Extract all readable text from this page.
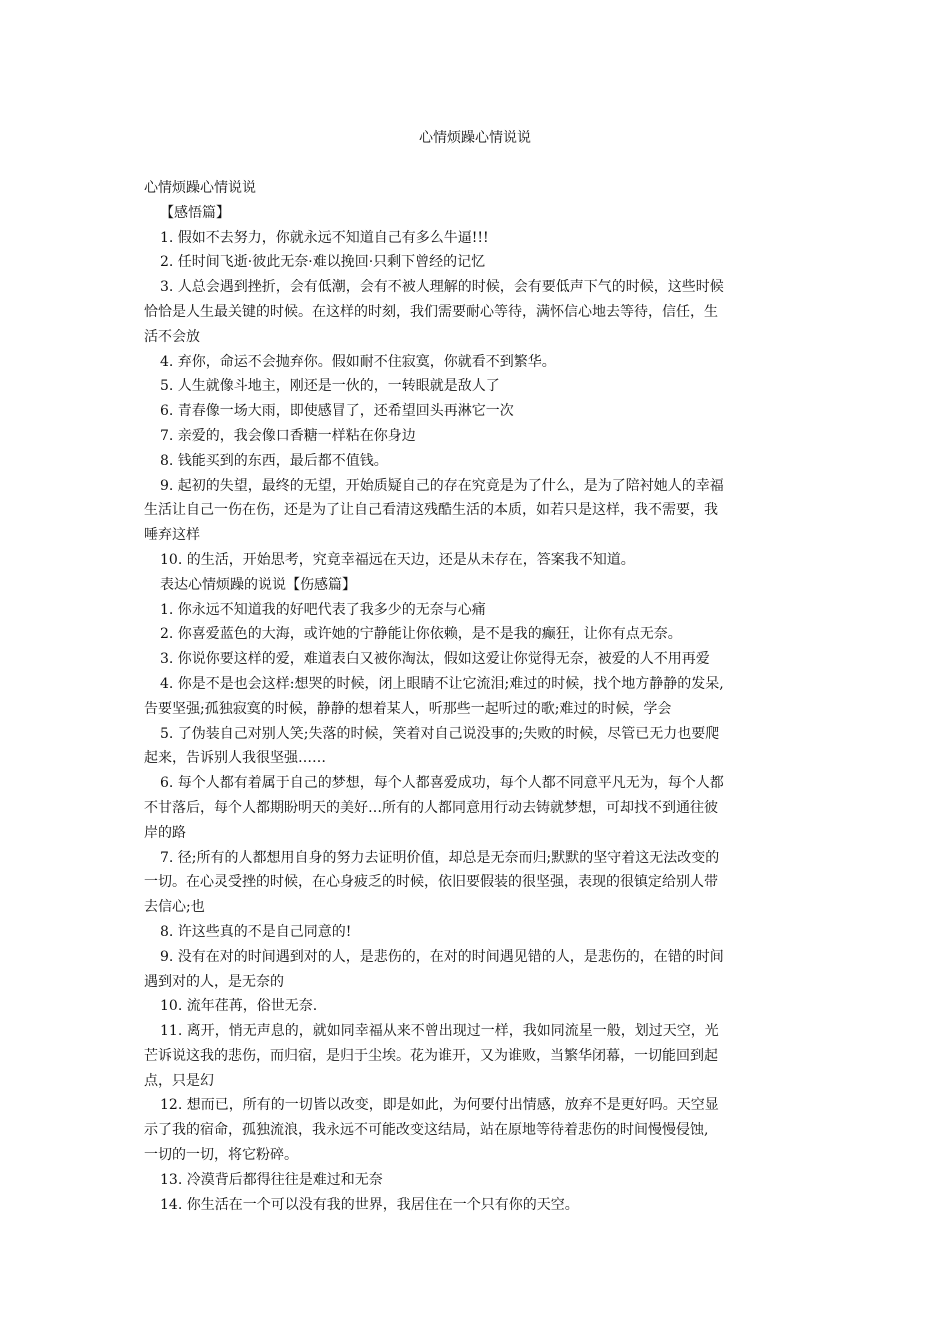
心情烦躁心情说说
心情烦躁心情说说
【感悟篇】
1. 假如不去努力，你就永远不知道自己有多么牛逼!!!
2. 任时间飞逝·彼此无奈·难以挽回·只剩下曾经的记忆
3. 人总会遇到挫折，会有低潮，会有不被人理解的时候，会有要低声下气的时候，这些时候
恰恰是人生最关键的时候。在这样的时刻，我们需要耐心等待，满怀信心地去等待，信任，生
活不会放
4. 弃你，命运不会抛弃你。假如耐不住寂寞，你就看不到繁华。
5. 人生就像斗地主，刚还是一伙的，一转眼就是敌人了
6. 青春像一场大雨，即使感冒了，还希望回头再淋它一次
7. 亲爱的，我会像口香糖一样粘在你身边
8. 钱能买到的东西，最后都不值钱。
9. 起初的失望，最终的无望，开始质疑自己的存在究竟是为了什么，是为了陪衬她人的幸福
生活让自己一伤在伤，还是为了让自己看清这残酷生活的本质，如若只是这样，我不需要，我
唾弃这样
10. 的生活，开始思考，究竟幸福远在天边，还是从未存在，答案我不知道。
表达心情烦躁的说说【伤感篇】
1. 你永远不知道我的好吧代表了我多少的无奈与心痛
2. 你喜爱蓝色的大海，或许她的宁静能让你依赖，是不是我的癫狂，让你有点无奈。
3. 你说你要这样的爱，难道表白又被你淘汰，假如这爱让你觉得无奈，被爱的人不用再爱
4. 你是不是也会这样:想哭的时候，闭上眼睛不让它流泪;难过的时候，找个地方静静的发呆,
告要坚强;孤独寂寞的时候，静静的想着某人，听那些一起听过的歌;难过的时候，学会
5. 了伪装自己对别人笑;失落的时候，笑着对自己说没事的;失败的时候，尽管已无力也要爬
起来，告诉别人我很坚强……
6. 每个人都有着属于自己的梦想，每个人都喜爱成功，每个人都不同意平凡无为，每个人都
不甘落后，每个人都期盼明天的美好…所有的人都同意用行动去铸就梦想，可却找不到通往彼
岸的路
7. 径;所有的人都想用自身的努力去证明价值，却总是无奈而归;默默的坚守着这无法改变的
一切。在心灵受挫的时候，在心身疲乏的时候，依旧要假装的很坚强，表现的很镇定给别人带
去信心;也
8. 许这些真的不是自己同意的!
9. 没有在对的时间遇到对的人，是悲伤的，在对的时间遇见错的人，是悲伤的，在错的时间
遇到对的人，是无奈的
10. 流年荏苒，俗世无奈.
11. 离开，悄无声息的，就如同幸福从来不曾出现过一样，我如同流星一般，划过天空，光
芒诉说这我的悲伤，而归宿，是归于尘埃。花为谁开，又为谁败，当繁华闭幕，一切能回到起
点，只是幻
12. 想而已，所有的一切皆以改变，即是如此，为何要付出情感，放弃不是更好吗。天空显
示了我的宿命，孤独流浪，我永远不可能改变这结局，站在原地等待着悲伤的时间慢慢侵蚀,
一切的一切，将它粉碎。
13. 冷漠背后都得往往是难过和无奈
14. 你生活在一个可以没有我的世界，我居住在一个只有你的天空。
